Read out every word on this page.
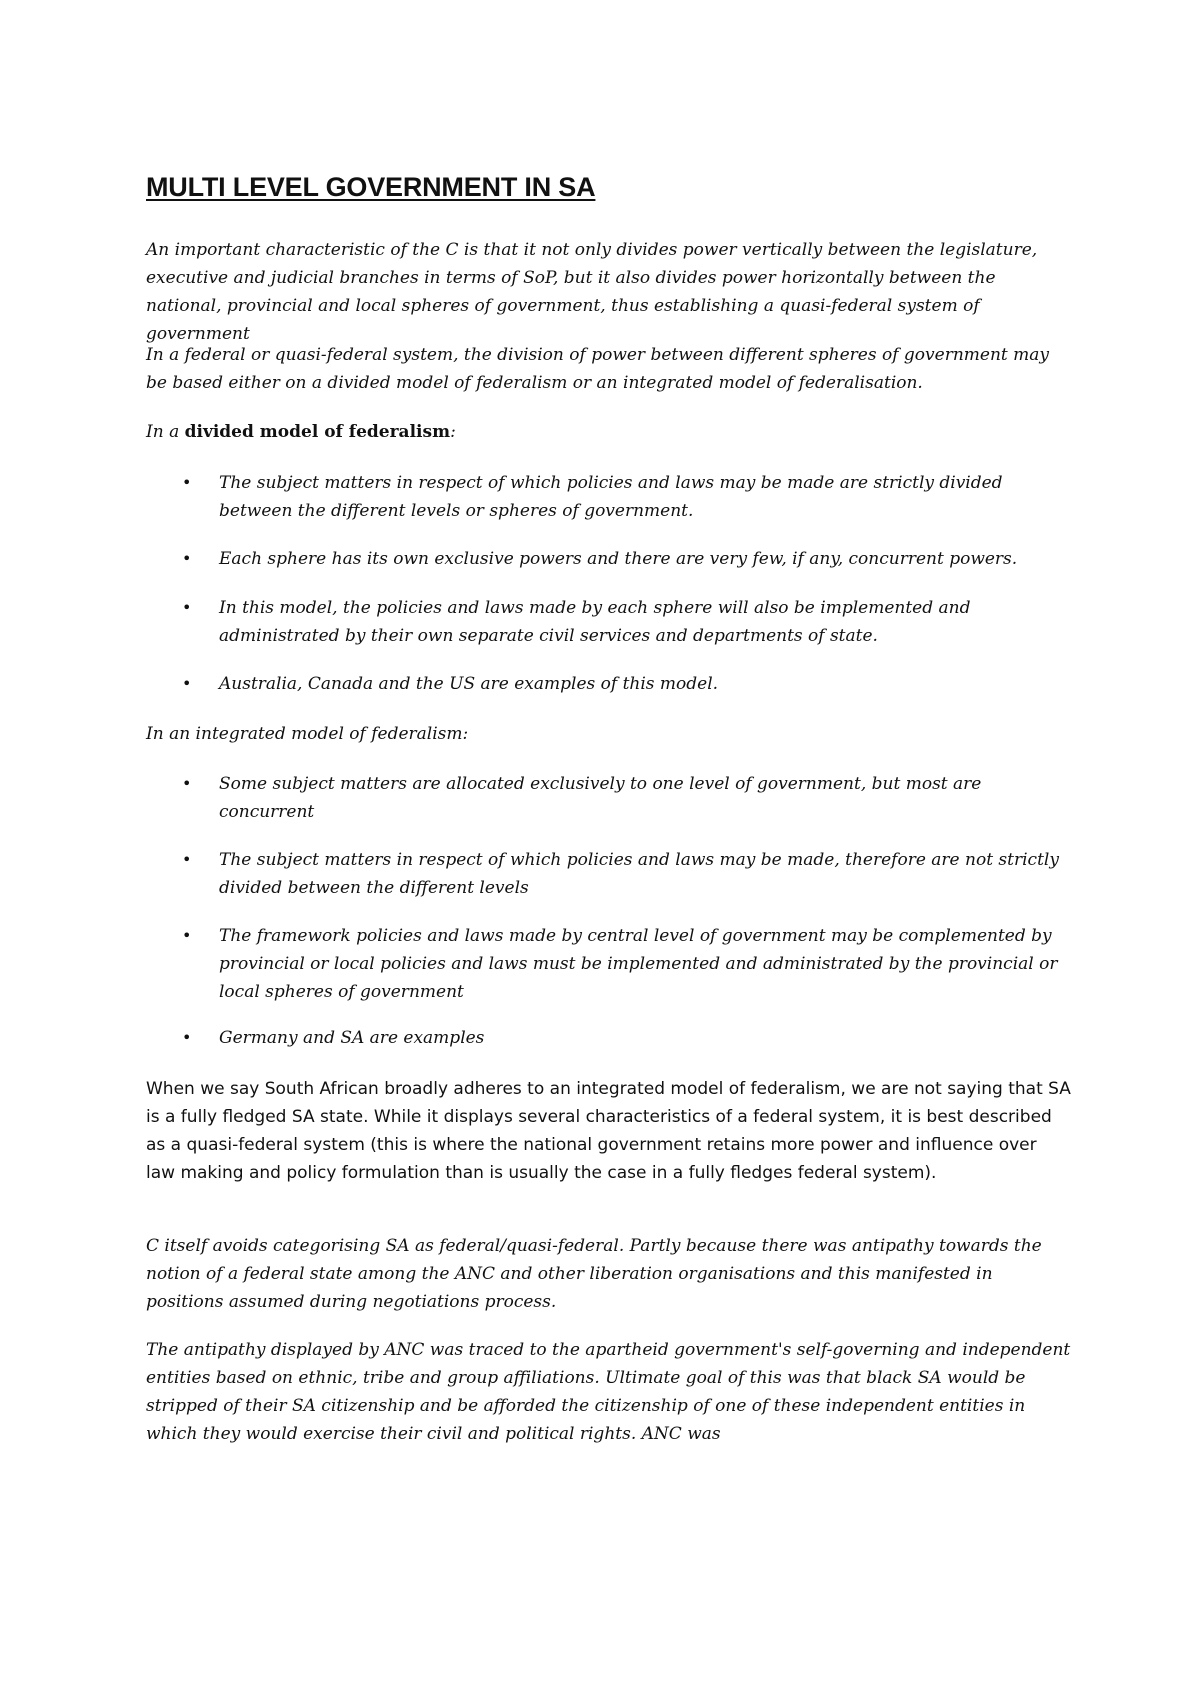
MULTI LEVEL GOVERNMENT IN SA

An important characteristic of the C is that it not only divides power vertically between the legislature, executive and judicial branches in terms of SoP, but it also divides power horizontally between the national, provincial and local spheres of government, thus establishing a quasi-federal system of government

In a federal or quasi-federal system, the division of power between different spheres of government may be based either on a divided model of federalism or an integrated model of federalisation.

In a divided model of federalism:

• The subject matters in respect of which policies and laws may be made are strictly divided between the different levels or spheres of government.

• Each sphere has its own exclusive powers and there are very few, if any, concurrent powers.

• In this model, the policies and laws made by each sphere will also be implemented and administrated by their own separate civil services and departments of state.

• Australia, Canada and the US are examples of this model.

In an integrated model of federalism:

• Some subject matters are allocated exclusively to one level of government, but most are concurrent

• The subject matters in respect of which policies and laws may be made, therefore are not strictly divided between the different levels

• The framework policies and laws made by central level of government may be complemented by provincial or local policies and laws must be implemented and administrated by the provincial or local spheres of government

• Germany and SA are examples

When we say South African broadly adheres to an integrated model of federalism, we are not saying that SA is a fully fledged SA state. While it displays several characteristics of a federal system, it is best described as a quasi-federal system (this is where the national government retains more power and influence over law making and policy formulation than is usually the case in a fully fledges federal system).

C itself avoids categorising SA as federal/quasi-federal. Partly because there was antipathy towards the notion of a federal state among the ANC and other liberation organisations and this manifested in positions assumed during negotiations process.

The antipathy displayed by ANC was traced to the apartheid government's self-governing and independent entities based on ethnic, tribe and group affiliations. Ultimate goal of this was that black SA would be stripped of their SA citizenship and be afforded the citizenship of one of these independent entities in which they would exercise their civil and political rights. ANC was
